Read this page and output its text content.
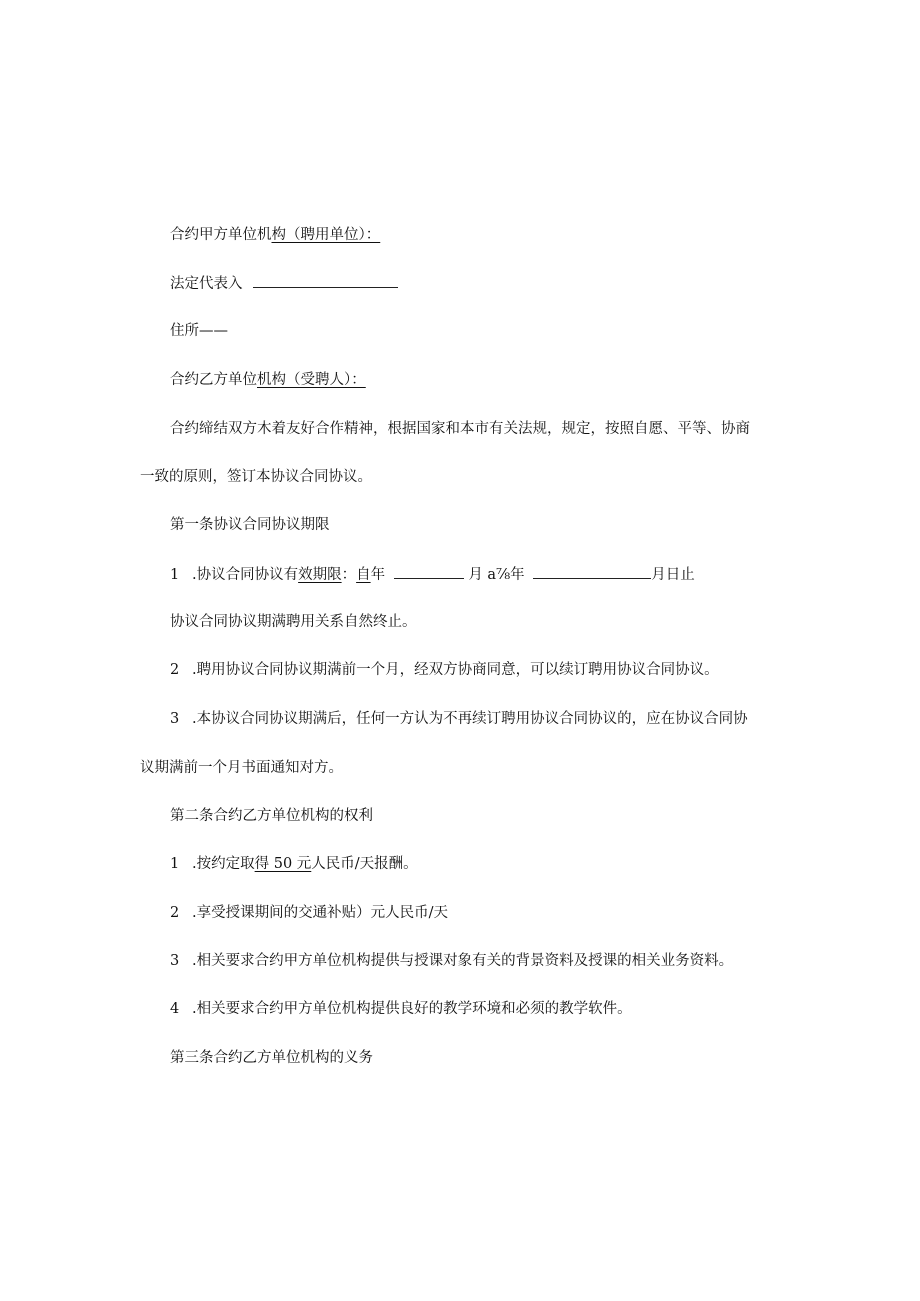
合约甲方单位机构（聘用单位）：
法定代表入
住所——
合约乙方单位机构（受聘人）：
合约缔结双方木着友好合作精神，根据国家和本市有关法规，规定，按照自愿、平等、协商
一致的原则，签订本协议合同协议。
第一条协议合同协议期限
1 .协议合同协议有效期限：自年	月 a⅞年	月日止
协议合同协议期满聘用关系自然终止。
2 .聘用协议合同协议期满前一个月，经双方协商同意，可以续订聘用协议合同协议。
3 .本协议合同协议期满后，任何一方认为不再续订聘用协议合同协议的，应在协议合同协
议期满前一个月书面通知对方。
第二条合约乙方单位机构的权利
1 .按约定取得 50 元人民币/天报酬。
2 .享受授课期间的交通补贴）元人民币/天
3 .相关要求合约甲方单位机构提供与授课对象有关的背景资料及授课的相关业务资料。
4 .相关要求合约甲方单位机构提供良好的教学环境和必须的教学软件。
第三条合约乙方单位机构的义务
